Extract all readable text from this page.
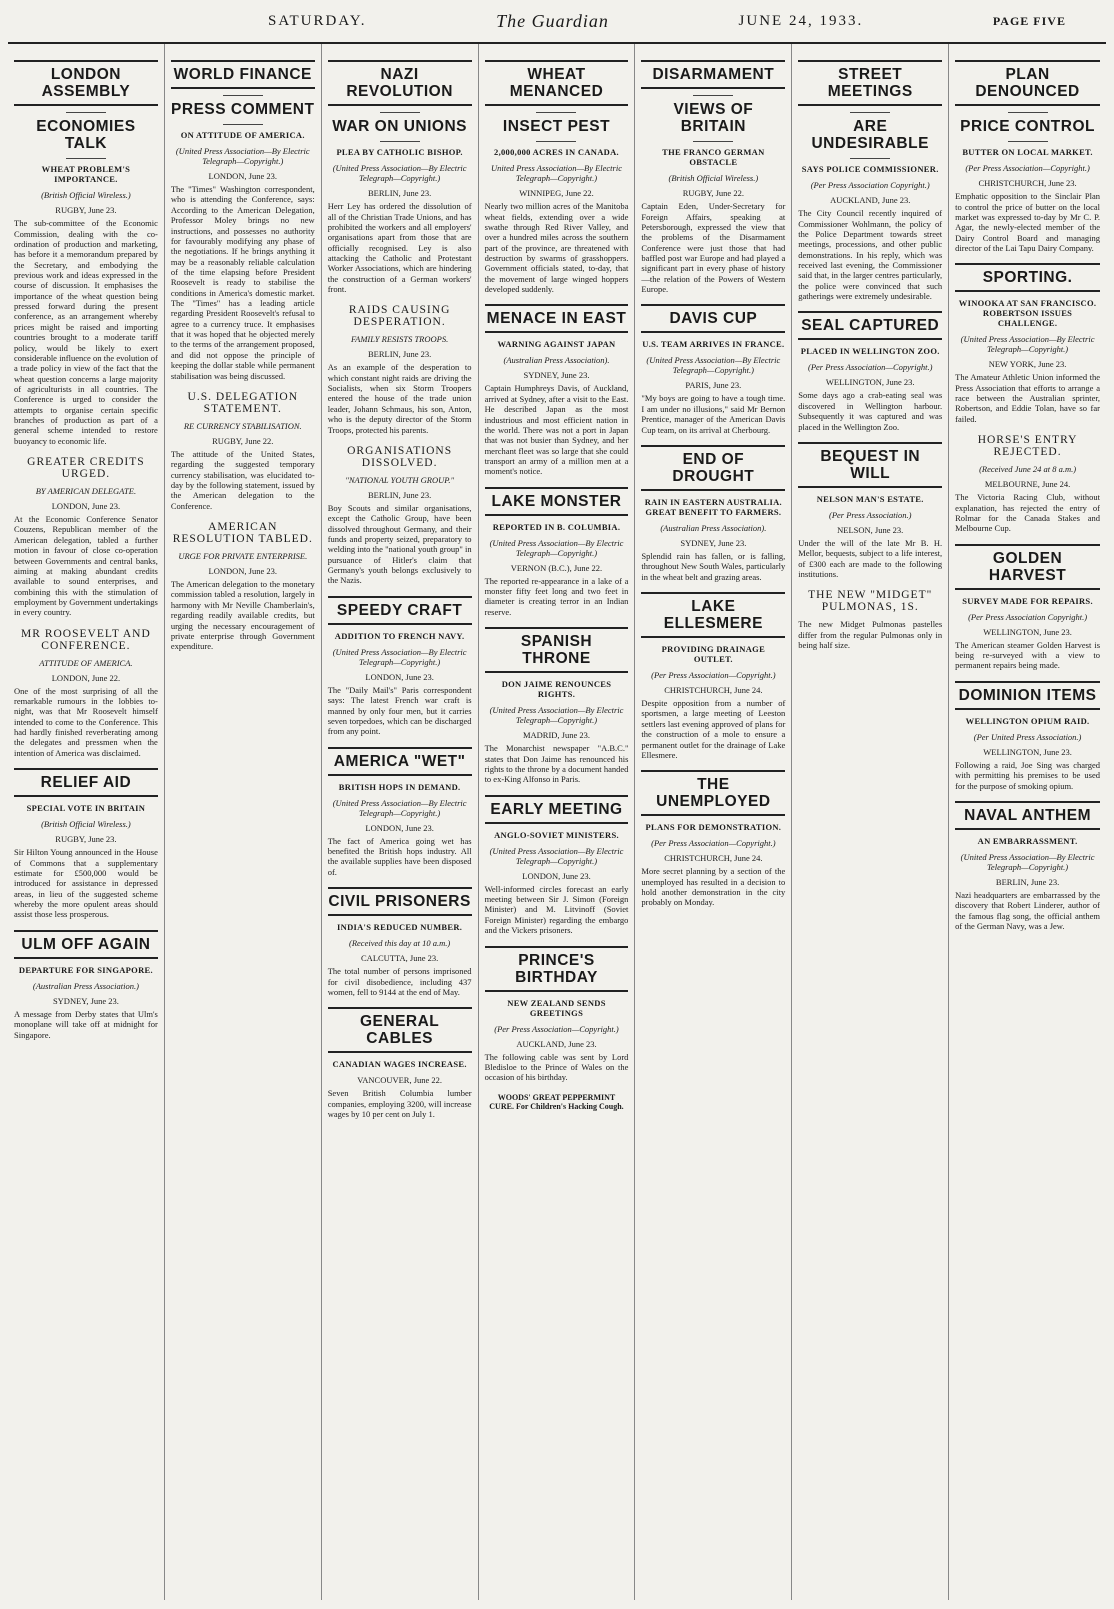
SATURDAY.	The Guardian	JUNE 24, 1933.	PAGE FIVE
LONDON ASSEMBLY
ECONOMIES TALK
WHEAT PROBLEM'S IMPORTANCE.
(British Official Wireless.)
RUGBY, June 23.
The sub-committee of the Economic Commission, dealing with the co-ordination of production and marketing, has before it a memorandum prepared by the Secretary, and embodying the previous work and ideas expressed in the course of discussion. It emphasises the importance of the wheat question being pressed forward during the present conference, as an arrangement whereby prices might be raised and importing countries brought to a moderate tariff policy, would be likely to exert considerable influence on the evolution of a trade policy in view of the fact that the wheat question concerns a large majority of agriculturists in all countries. The Conference is urged to consider the attempts to organise certain specific branches of production as part of a general scheme intended to restore buoyancy to economic life.
GREATER CREDITS URGED.
BY AMERICAN DELEGATE.
LONDON, June 23.
At the Economic Conference Senator Couzens, Republican member of the American delegation, tabled a further motion in favour of close co-operation between Governments and central banks, aiming at making abundant credits available to sound enterprises, and combining this with the stimulation of employment by Government undertakings in every country.
MR ROOSEVELT AND CONFERENCE.
ATTITUDE OF AMERICA.
LONDON, June 22.
One of the most surprising of all the remarkable rumours in the lobbies to-night, was that Mr Roosevelt himself intended to come to the Conference. This had hardly finished reverberating among the delegates and pressmen when the intention of America was disclaimed.
RELIEF AID
SPECIAL VOTE IN BRITAIN
(British Official Wireless.)
RUGBY, June 23.
Sir Hilton Young announced in the House of Commons that a supplementary estimate for £500,000 would be introduced for assistance in depressed areas, in lieu of the suggested scheme whereby the more opulent areas should assist those less prosperous.
ULM OFF AGAIN
DEPARTURE FOR SINGAPORE.
(Australian Press Association.)
SYDNEY, June 23.
A message from Derby states that Ulm's monoplane will take off at midnight for Singapore.
WORLD FINANCE
PRESS COMMENT
ON ATTITUDE OF AMERICA.
(United Press Association—By Electric Telegraph—Copyright.)
LONDON, June 23.
The "Times" Washington correspondent, who is attending the Conference, says: According to the American Delegation, Professor Moley brings no new instructions, and possesses no authority for favourably modifying any phase of the negotiations. If he brings anything it may be a reasonably reliable calculation of the time elapsing before President Roosevelt is ready to stabilise the conditions in America's domestic market. The "Times" has a leading article regarding President Roosevelt's refusal to agree to a currency truce. It emphasises that it was hoped that he objected merely to the terms of the arrangement proposed, and did not oppose the principle of keeping the dollar stable while permanent stabilisation was being discussed.
U.S. DELEGATION STATEMENT.
RE CURRENCY STABILISATION.
RUGBY, June 22.
The attitude of the United States, regarding the suggested temporary currency stabilisation, was elucidated to-day by the following statement, issued by the American delegation to the Conference.
AMERICAN RESOLUTION TABLED.
URGE FOR PRIVATE ENTERPRISE.
LONDON, June 23.
The American delegation to the monetary commission tabled a resolution, largely in harmony with Mr Neville Chamberlain's, regarding readily available credits, but urging the necessary encouragement of private enterprise through Government expenditure.
NAZI REVOLUTION
WAR ON UNIONS
PLEA BY CATHOLIC BISHOP.
(United Press Association—By Electric Telegraph—Copyright.)
BERLIN, June 23.
Herr Ley has ordered the dissolution of all of the Christian Trade Unions, and has prohibited the workers and all employers' organisations apart from those that are officially recognised. Ley is also attacking the Catholic and Protestant Worker Associations, which are hindering the construction of a German workers' front.
RAIDS CAUSING DESPERATION.
FAMILY RESISTS TROOPS.
BERLIN, June 23.
As an example of the desperation to which constant night raids are driving the Socialists, when six Storm Troopers entered the house of the trade union leader, Johann Schmaus, his son, Anton, who is the deputy director of the Storm Troops, protected his parents.
ORGANISATIONS DISSOLVED.
"NATIONAL YOUTH GROUP."
BERLIN, June 23.
Boy Scouts and similar organisations, except the Catholic Group, have been dissolved throughout Germany, and their funds and property seized, preparatory to welding into the "national youth group" in pursuance of Hitler's claim that Germany's youth belongs exclusively to the Nazis.
SPEEDY CRAFT
ADDITION TO FRENCH NAVY.
(United Press Association—By Electric Telegraph—Copyright.)
LONDON, June 23.
The "Daily Mail's" Paris correspondent says: The latest French war craft is manned by only four men, but it carries seven torpedoes, which can be discharged from any point.
AMERICA "WET"
BRITISH HOPS IN DEMAND.
(United Press Association—By Electric Telegraph—Copyright.)
LONDON, June 23.
The fact of America going wet has benefited the British hops industry. All the available supplies have been disposed of.
CIVIL PRISONERS
INDIA'S REDUCED NUMBER.
(Received this day at 10 a.m.)
CALCUTTA, June 23.
The total number of persons imprisoned for civil disobedience, including 437 women, fell to 9144 at the end of May.
GENERAL CABLES
CANADIAN WAGES INCREASE.
VANCOUVER, June 22.
Seven British Columbia lumber companies, employing 3200, will increase wages by 10 per cent on July 1.
WHEAT MENANCED
INSECT PEST
2,000,000 ACRES IN CANADA.
United Press Association—By Electric Telegraph—Copyright.)
WINNIPEG, June 22.
Nearly two million acres of the Manitoba wheat fields, extending over a wide swathe through Red River Valley, and over a hundred miles across the southern part of the province, are threatened with destruction by swarms of grasshoppers. Government officials stated, to-day, that the movement of large winged hoppers developed suddenly.
MENACE IN EAST
WARNING AGAINST JAPAN
(Australian Press Association).
SYDNEY, June 23.
Captain Humphreys Davis, of Auckland, arrived at Sydney, after a visit to the East. He described Japan as the most industrious and most efficient nation in the world. There was not a port in Japan that was not busier than Sydney, and her merchant fleet was so large that she could transport an army of a million men at a moment's notice.
LAKE MONSTER
REPORTED IN B. COLUMBIA.
(United Press Association—By Electric Telegraph—Copyright.)
VERNON (B.C.), June 22.
The reported re-appearance in a lake of a monster fifty feet long and two feet in diameter is creating terror in an Indian reserve.
SPANISH THRONE
DON JAIME RENOUNCES RIGHTS.
(United Press Association—By Electric Telegraph—Copyright.)
MADRID, June 23.
The Monarchist newspaper "A.B.C." states that Don Jaime has renounced his rights to the throne by a document handed to ex-King Alfonso in Paris.
EARLY MEETING
ANGLO-SOVIET MINISTERS.
(United Press Association—By Electric Telegraph—Copyright.)
LONDON, June 23.
Well-informed circles forecast an early meeting between Sir J. Simon (Foreign Minister) and M. Litvinoff (Soviet Foreign Minister) regarding the embargo and the Vickers prisoners.
PRINCE'S BIRTHDAY
NEW ZEALAND SENDS GREETINGS
(Per Press Association—Copyright.)
AUCKLAND, June 23.
The following cable was sent by Lord Bledisloe to the Prince of Wales on the occasion of his birthday.
WOODS' GREAT PEPPERMINT CURE. For Children's Hacking Cough.
DISARMAMENT
VIEWS OF BRITAIN
THE FRANCO GERMAN OBSTACLE
(British Official Wireless.)
RUGBY, June 22.
Captain Eden, Under-Secretary for Foreign Affairs, speaking at Petersborough, expressed the view that the problems of the Disarmament Conference were just those that had baffled post war Europe and had played a significant part in every phase of history—the relation of the Powers of Western Europe.
DAVIS CUP
U.S. TEAM ARRIVES IN FRANCE.
(United Press Association—By Electric Telegraph—Copyright.)
PARIS, June 23.
"My boys are going to have a tough time. I am under no illusions," said Mr Bernon Prentice, manager of the American Davis Cup team, on its arrival at Cherbourg.
END OF DROUGHT
RAIN IN EASTERN AUSTRALIA. GREAT BENEFIT TO FARMERS.
(Australian Press Association).
SYDNEY, June 23.
Splendid rain has fallen, or is falling, throughout New South Wales, particularly in the wheat belt and grazing areas.
LAKE ELLESMERE
PROVIDING DRAINAGE OUTLET.
(Per Press Association—Copyright.)
CHRISTCHURCH, June 24.
Despite opposition from a number of sportsmen, a large meeting of Leeston settlers last evening approved of plans for the construction of a mole to ensure a permanent outlet for the drainage of Lake Ellesmere.
THE UNEMPLOYED
PLANS FOR DEMONSTRATION.
(Per Press Association—Copyright.)
CHRISTCHURCH, June 24.
More secret planning by a section of the unemployed has resulted in a decision to hold another demonstration in the city probably on Monday.
STREET MEETINGS
ARE UNDESIRABLE
SAYS POLICE COMMISSIONER.
(Per Press Association Copyright.)
AUCKLAND, June 23.
The City Council recently inquired of Commissioner Wohlmann, the policy of the Police Department towards street meetings, processions, and other public demonstrations. In his reply, which was received last evening, the Commissioner said that, in the larger centres particularly, the police were convinced that such gatherings were extremely undesirable.
SEAL CAPTURED
PLACED IN WELLINGTON ZOO.
(Per Press Association—Copyright.)
WELLINGTON, June 23.
Some days ago a crab-eating seal was discovered in Wellington harbour. Subsequently it was captured and was placed in the Wellington Zoo.
BEQUEST IN WILL
NELSON MAN'S ESTATE.
(Per Press Association.)
NELSON, June 23.
Under the will of the late Mr B. H. Mellor, bequests, subject to a life interest, of £300 each are made to the following institutions.
THE NEW "MIDGET" PULMONAS, 1S.
The new Midget Pulmonas pastelles differ from the regular Pulmonas only in being half size.
PLAN DENOUNCED
PRICE CONTROL
BUTTER ON LOCAL MARKET.
(Per Press Association—Copyright.)
CHRISTCHURCH, June 23.
Emphatic opposition to the Sinclair Plan to control the price of butter on the local market was expressed to-day by Mr C. P. Agar, the newly-elected member of the Dairy Control Board and managing director of the Lai Tapu Dairy Company.
SPORTING.
WINOOKA AT SAN FRANCISCO. ROBERTSON ISSUES CHALLENGE.
(United Press Association—By Electric Telegraph—Copyright.)
NEW YORK, June 23.
The Amateur Athletic Union informed the Press Association that efforts to arrange a race between the Australian sprinter, Robertson, and Eddie Tolan, have so far failed.
HORSE'S ENTRY REJECTED.
(Received June 24 at 8 a.m.)
MELBOURNE, June 24.
The Victoria Racing Club, without explanation, has rejected the entry of Rolmar for the Canada Stakes and Melbourne Cup.
GOLDEN HARVEST
SURVEY MADE FOR REPAIRS.
(Per Press Association Copyright.)
WELLINGTON, June 23.
The American steamer Golden Harvest is being re-surveyed with a view to permanent repairs being made.
DOMINION ITEMS
WELLINGTON OPIUM RAID.
(Per United Press Association.)
WELLINGTON, June 23.
Following a raid, Joe Sing was charged with permitting his premises to be used for the purpose of smoking opium.
NAVAL ANTHEM
AN EMBARRASSMENT.
(United Press Association—By Electric Telegraph—Copyright.)
BERLIN, June 23.
Nazi headquarters are embarrassed by the discovery that Robert Linderer, author of the famous flag song, the official anthem of the German Navy, was a Jew.
